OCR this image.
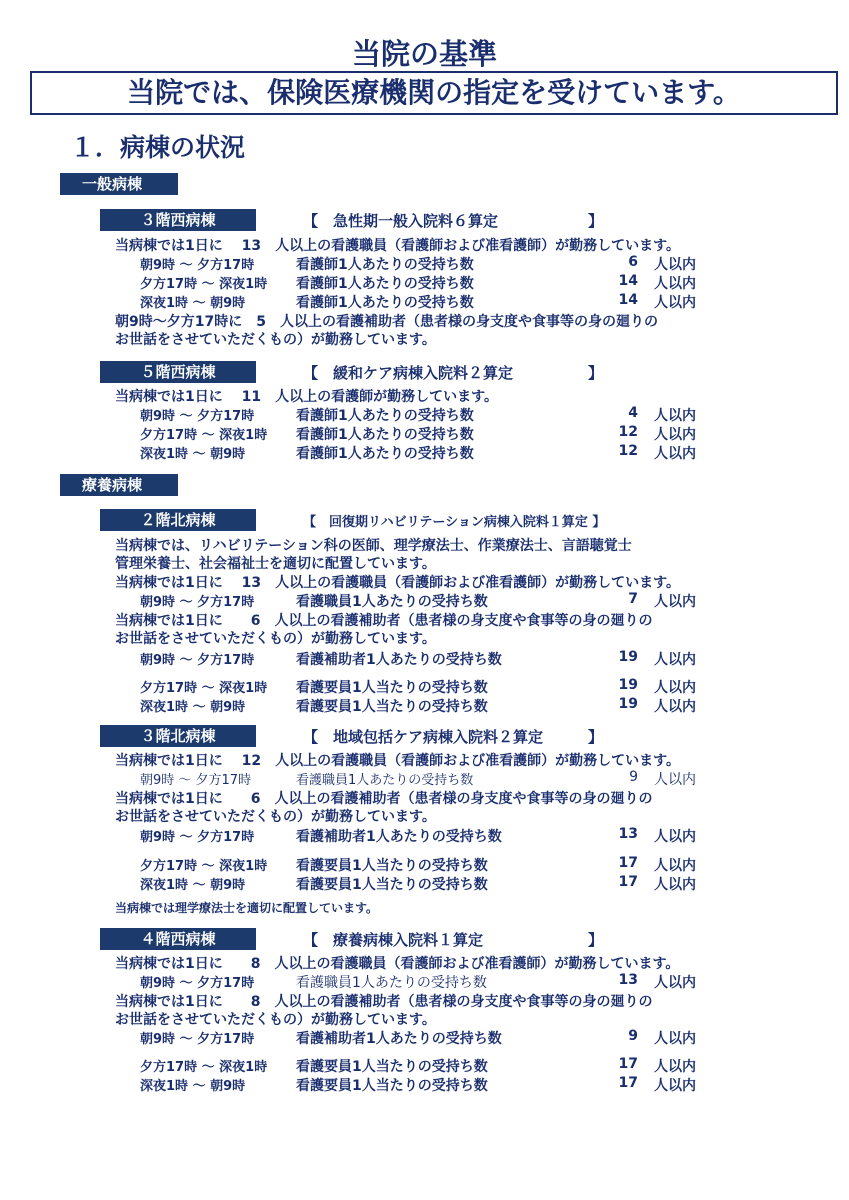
当院の基準
当院では、保険医療機関の指定を受けています。
１．病棟の状況
一般病棟
３階西病棟	【　急性期一般入院料６算定　　　　　　】
当病棟では1日に　 13　人以上の看護職員（看護師および准看護師）が勤務しています。
朝9時 ～ 夕方17時	看護師1人あたりの受持ち数	6 人以内
夕方17時 ～ 深夜1時 看護師1人あたりの受持ち数	14 人以内
深夜1時 ～ 朝9時	看護師1人あたりの受持ち数	14 人以内
朝9時～夕方17時に　5　人以上の看護補助者（患者様の身支度や食事等の身の廻りの
お世話をさせていただくもの）が勤務しています。
５階西病棟	【　緩和ケア病棟入院料２算定　　　　　】
当病棟では1日に　 11　人以上の看護師が勤務しています。
朝9時 ～ 夕方17時	看護師1人あたりの受持ち数	4 人以内
夕方17時 ～ 深夜1時 看護師1人あたりの受持ち数	12 人以内
深夜1時 ～ 朝9時	看護師1人あたりの受持ち数	12 人以内
療養病棟
２階北病棟	【　回復期リハビリテーション病棟入院料１算定 】
当病棟では、リハビリテーション科の医師、理学療法士、作業療法士、言語聴覚士
管理栄養士、社会福祉士を適切に配置しています。
当病棟では1日に　 13　人以上の看護職員（看護師および准看護師）が勤務しています。
朝9時 ～ 夕方17時	看護職員1人あたりの受持ち数	7 人以内
当病棟では1日に　　6　人以上の看護補助者（患者様の身支度や食事等の身の廻りの
お世話をさせていただくもの）が勤務しています。
朝9時 ～ 夕方17時	看護補助者1人あたりの受持ち数	19 人以内
夕方17時 ～ 深夜1時 看護要員1人当たりの受持ち数	19 人以内
深夜1時 ～ 朝9時	看護要員1人当たりの受持ち数	19 人以内
３階北病棟	【　地域包括ケア病棟入院料２算定　　　】
当病棟では1日に　 12　人以上の看護職員（看護師および准看護師）が勤務しています。
朝9時 ～ 夕方17時	看護職員1人あたりの受持ち数	9 人以内
当病棟では1日に　　6　人以上の看護補助者（患者様の身支度や食事等の身の廻りの
お世話をさせていただくもの）が勤務しています。
朝9時 ～ 夕方17時	看護補助者1人あたりの受持ち数	13 人以内
夕方17時 ～ 深夜1時 看護要員1人当たりの受持ち数	17 人以内
深夜1時 ～ 朝9時	看護要員1人当たりの受持ち数	17 人以内
当病棟では理学療法士を適切に配置しています。
４階西病棟	【　療養病棟入院料１算定　　　　　　　】
当病棟では1日に　　8　人以上の看護職員（看護師および准看護師）が勤務しています。
朝9時 ～ 夕方17時	看護職員1人あたりの受持ち数	13 人以内
当病棟では1日に　　8　人以上の看護補助者（患者様の身支度や食事等の身の廻りの
お世話をさせていただくもの）が勤務しています。
朝9時 ～ 夕方17時	看護補助者1人あたりの受持ち数	9 人以内
夕方17時 ～ 深夜1時 看護要員1人当たりの受持ち数	17 人以内
深夜1時 ～ 朝9時	看護要員1人当たりの受持ち数	17 人以内
